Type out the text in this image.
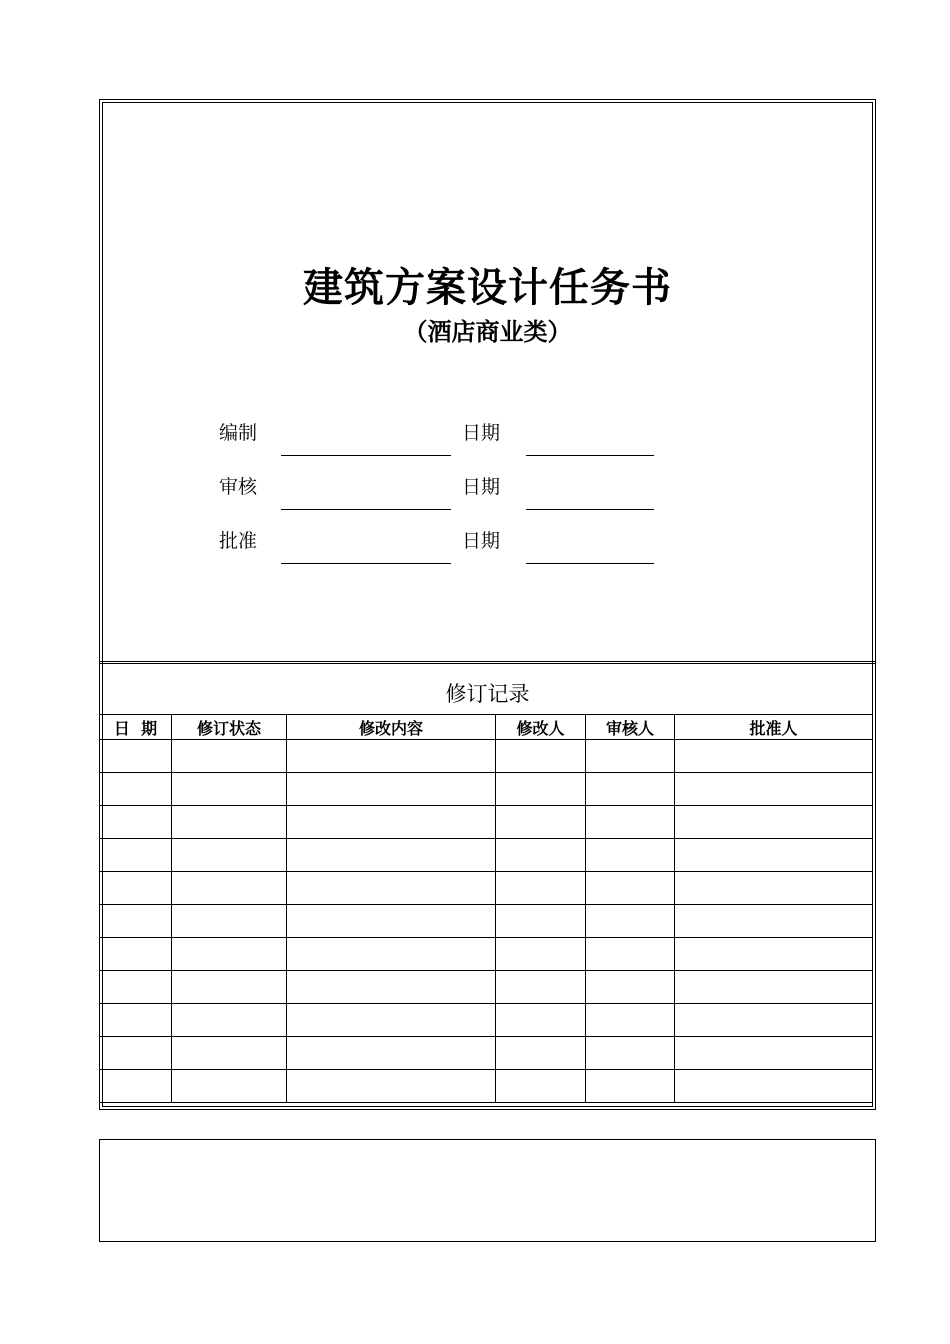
建筑方案设计任务书
（酒店商业类）
编制	日期
审核	日期
批准	日期
修订记录
日  期	修订状态	修改内容	修改人	审核人	批准人
